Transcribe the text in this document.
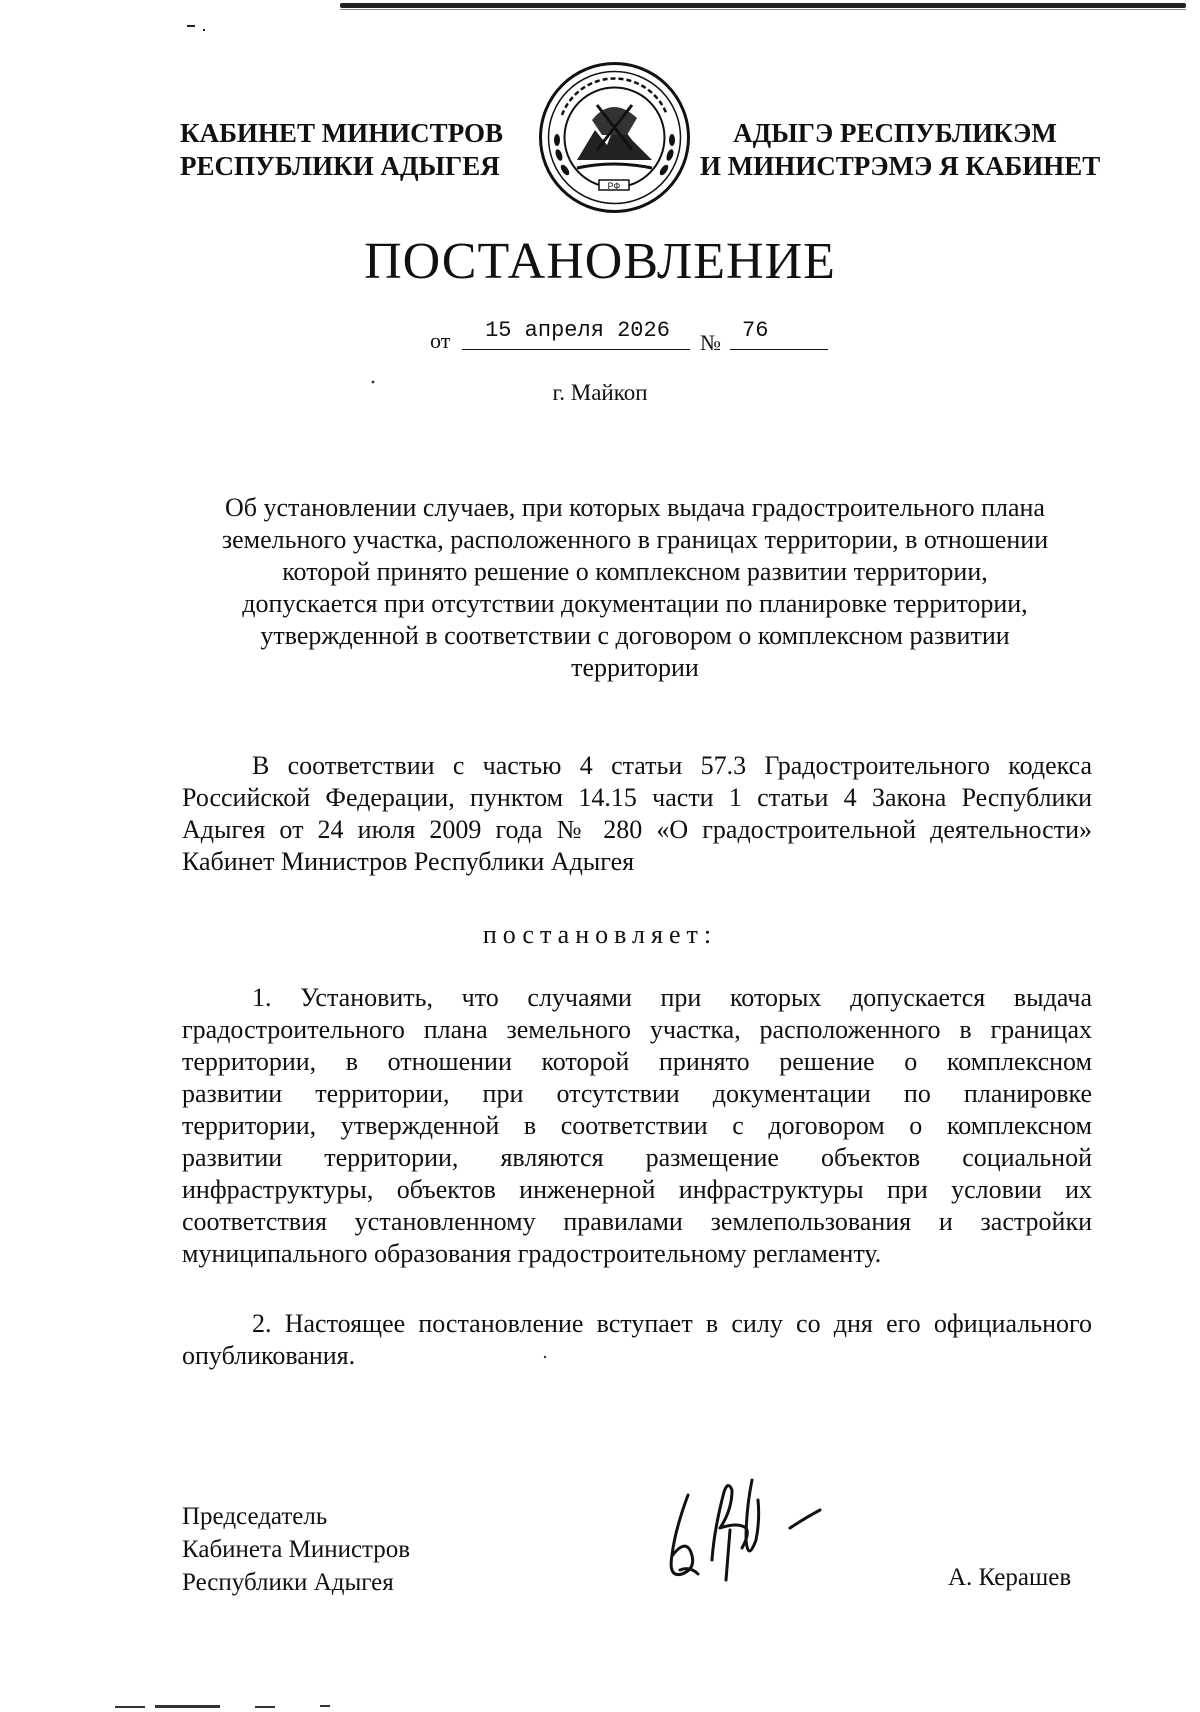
КАБИНЕТ МИНИСТРОВ
РЕСПУБЛИКИ АДЫГЕЯ
РФ
АДЫГЭ РЕСПУБЛИКЭМ
И МИНИСТРЭМЭ Я КАБИНЕТ
ПОСТАНОВЛЕНИЕ
от	15 апреля 2026	№ 76
г. Майкоп
Об установлении случаев, при которых выдача градостроительного плана
земельного участка, расположенного в границах территории, в отношении
которой принято решение о комплексном развитии территории,
допускается при отсутствии документации по планировке территории,
утвержденной в соответствии с договором о комплексном развитии
территории
В соответствии с частью 4 статьи 57.3 Градостроительного кодекса
Российской Федерации, пунктом 14.15 части 1 статьи 4 Закона Республики
Адыгея от 24 июля 2009 года № 280 «О градостроительной деятельности»
Кабинет Министров Республики Адыгея
постановляет:
1. Установить, что случаями при которых допускается выдача
градостроительного плана земельного участка, расположенного в границах
территории, в отношении которой принято решение о комплексном
развитии территории, при отсутствии документации по планировке
территории, утвержденной в соответствии с договором о комплексном
развитии территории, являются размещение объектов социальной
инфраструктуры, объектов инженерной инфраструктуры при условии их
соответствия установленному правилами землепользования и застройки
муниципального образования градостроительному регламенту.
2. Настоящее постановление вступает в силу со дня его официального
опубликования.
Председатель
Кабинета Министров
Республики Адыгея	А. Керашев
